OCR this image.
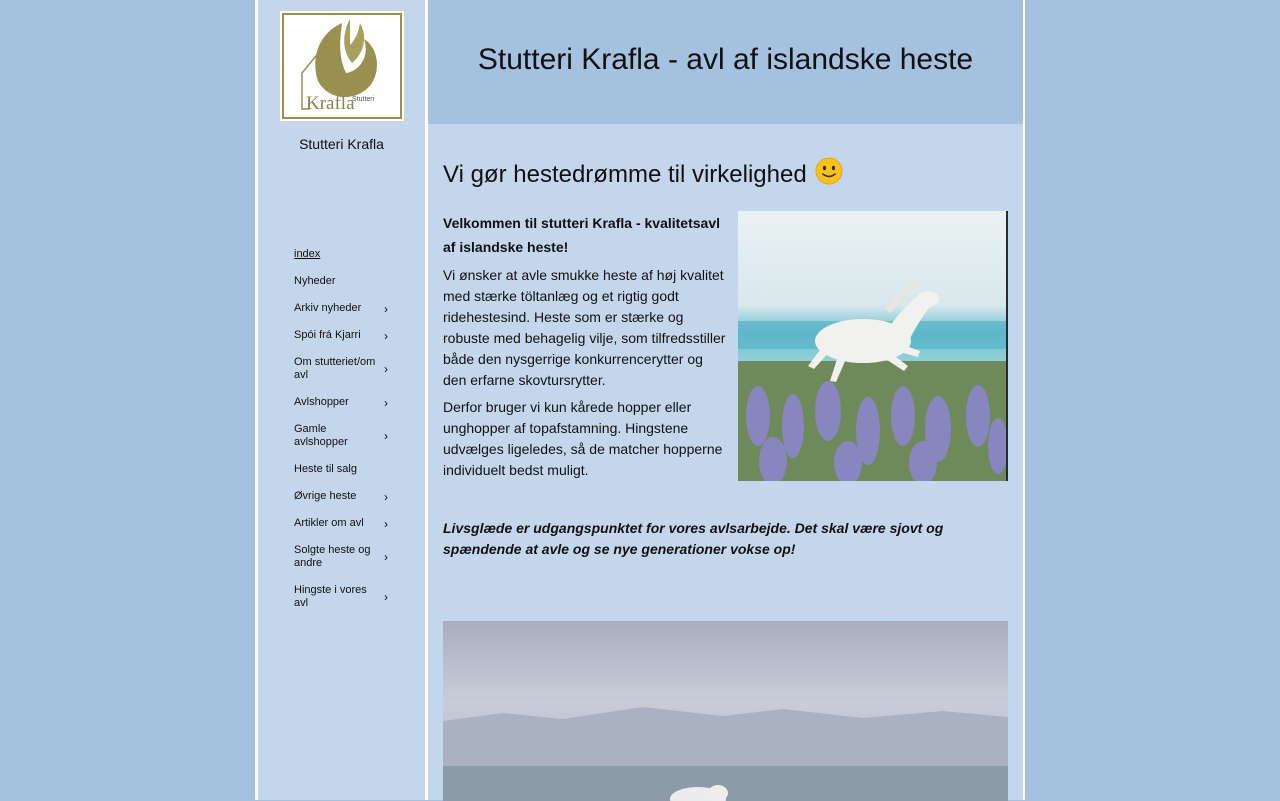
Krafla
Stutteri
Stutteri Krafla
index
Nyheder
Arkiv nyheder	›
Spói frá Kjarri	›
Om stutteriet/om avl	›
Avlshopper	›
Gamle avlshopper	›
Heste til salg
Øvrige heste	›
Artikler om avl	›
Solgte heste og andre	›
Hingste i vores avl	›
Stutteri Krafla - avl af islandske heste
Vi gør hestedrømme til virkelighed

Velkommen til stutteri Krafla - kvalitetsavl af islandske heste!

Vi ønsker at avle smukke heste af høj kvalitet med stærke töltanlæg og et rigtig godt ridehestesind. Heste som er stærke og robuste med behagelig vilje, som tilfredsstiller både den nysgerrige konkurrencerytter og den erfarne skovtursrytter.

Derfor bruger vi kun kårede hopper eller unghopper af topafstamning. Hingstene udvælges ligeledes, så de matcher hopperne individuelt bedst muligt.

Livsglæde er udgangspunktet for vores avlsarbejde. Det skal være sjovt og spændende at avle og se nye generationer vokse op!
